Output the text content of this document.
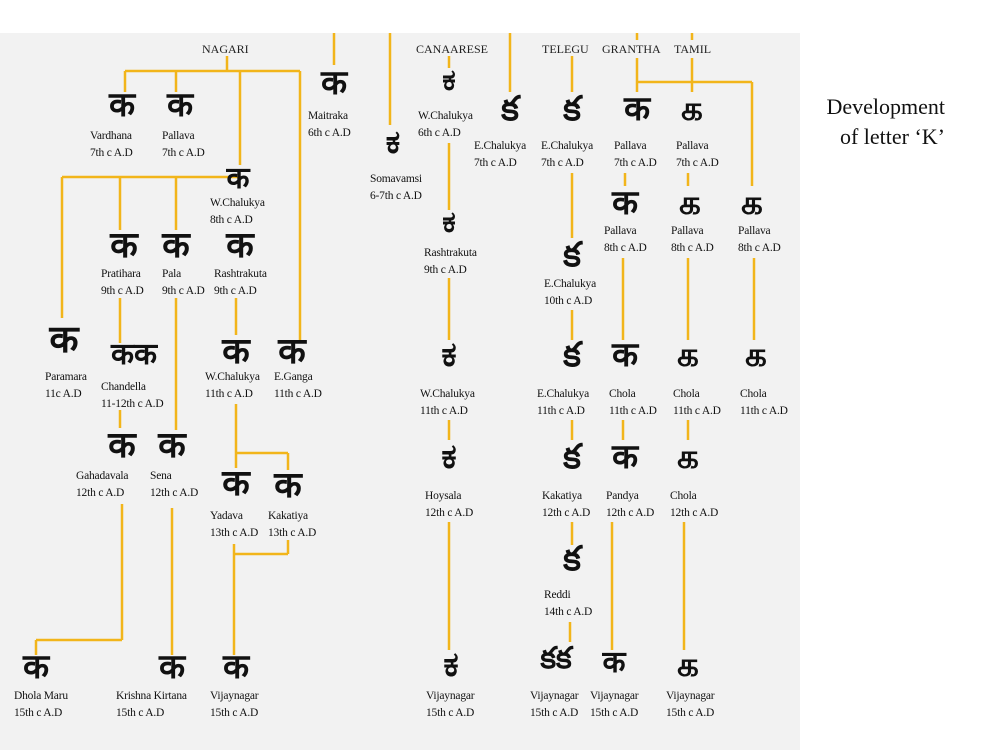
NAGARI	CANAARESE	TELEGU GRANTHA TAMIL
Development
of letter ‘K’
क
Vardhana
7th c A.D
क
Pallava
7th c A.D
क
Maitraka
6th c A.D
क
W.Chalukya
8th c A.D
क
Pratihara
9th c A.D
क
Pala
9th c A.D
क
Rashtrakuta
9th c A.D
क
Paramara
11c A.D
कक
Chandella
11-12th c A.D
क
W.Chalukya
11th c A.D
क
E.Ganga
11th c A.D
क
Gahadavala
12th c A.D
क
Sena
12th c A.D क
Yadava
13th c A.D
क
Kakatiya
13th c A.D
क
Dhola Maru
15th c A.D
क
Krishna Kirtana
15th c A.D
क
Vijaynagar
15th c A.D
ಕ
W.Chalukya
6th c A.D
ಕ
Somavamsi
6-7th c A.D
ಕ
Rashtrakuta
9th c A.D
ಕ
W.Chalukya
11th c A.D
ಕ
Hoysala
12th c A.D
ಕ
Vijaynagar
15th c A.D
క
E.Chalukya
7th c A.D
క
E.Chalukya
7th c A.D
క
E.Chalukya
10th c A.D
క
E.Chalukya
11th c A.D
క
Kakatiya
12th c A.D
క
Reddi
14th c A.D
కక
Vijaynagar
15th c A.D
क
Pallava
7th c A.D
க
Pallava
7th c A.D
क
Pallava
8th c A.D
க
Pallava
8th c A.D
க
Pallava
8th c A.D
क
Chola
11th c A.D
க
Chola
11th c A.D
க
Chola
11th c A.D
क
Pandya
12th c A.D
க
Chola
12th c A.D
क
Vijaynagar
15th c A.D
க
Vijaynagar
15th c A.D
